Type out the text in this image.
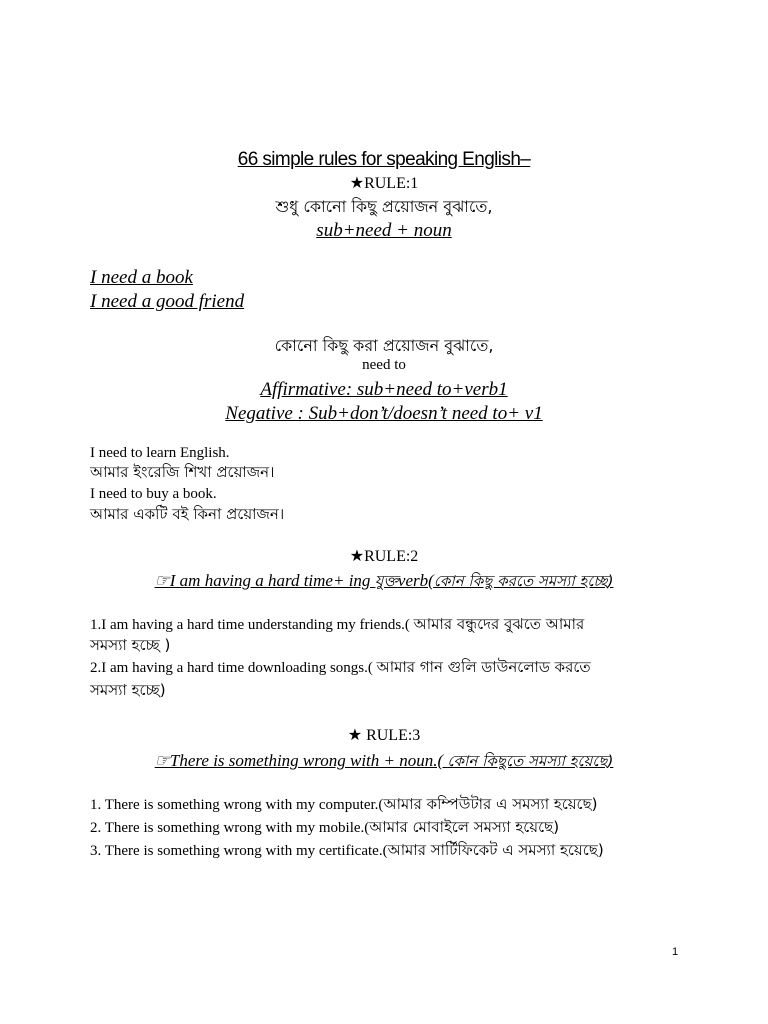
66 simple rules for speaking English–
★RULE:1
শুধু কোনো কিছু প্রয়োজন বুঝাতে,
sub+need + noun
I need a book
I need a good friend
কোনো কিছু করা প্রয়োজন বুঝাতে,
need to
Affirmative: sub+need to+verb1
Negative : Sub+don’t/doesn’t need to+ v1
I need to learn English.
আমার ইংরেজি শিখা প্রয়োজন।
I need to buy a book.
আমার একটি বই কিনা প্রয়োজন।
★RULE:2
☞I am having a hard time+ ing যুক্তverb(কোন কিছু করতে সমস্যা হচ্ছে)
1.I am having a hard time understanding my friends.( আমার বন্ধুদের বুঝতে আমার
সমস্যা হচ্ছে )
2.I am having a hard time downloading songs.( আমার গান গুলি ডাউনলোড করতে
সমস্যা হচ্ছে)
★ RULE:3
☞There is something wrong with + noun.( কোন কিছুতে সমস্যা হয়েছে)
1. There is something wrong with my computer.(আমার কম্পিউটার এ সমস্যা হয়েছে)
2. There is something wrong with my mobile.(আমার মোবাইলে সমস্যা হয়েছে)
3. There is something wrong with my certificate.(আমার সার্টিফিকেট এ সমস্যা হয়েছে)
1
